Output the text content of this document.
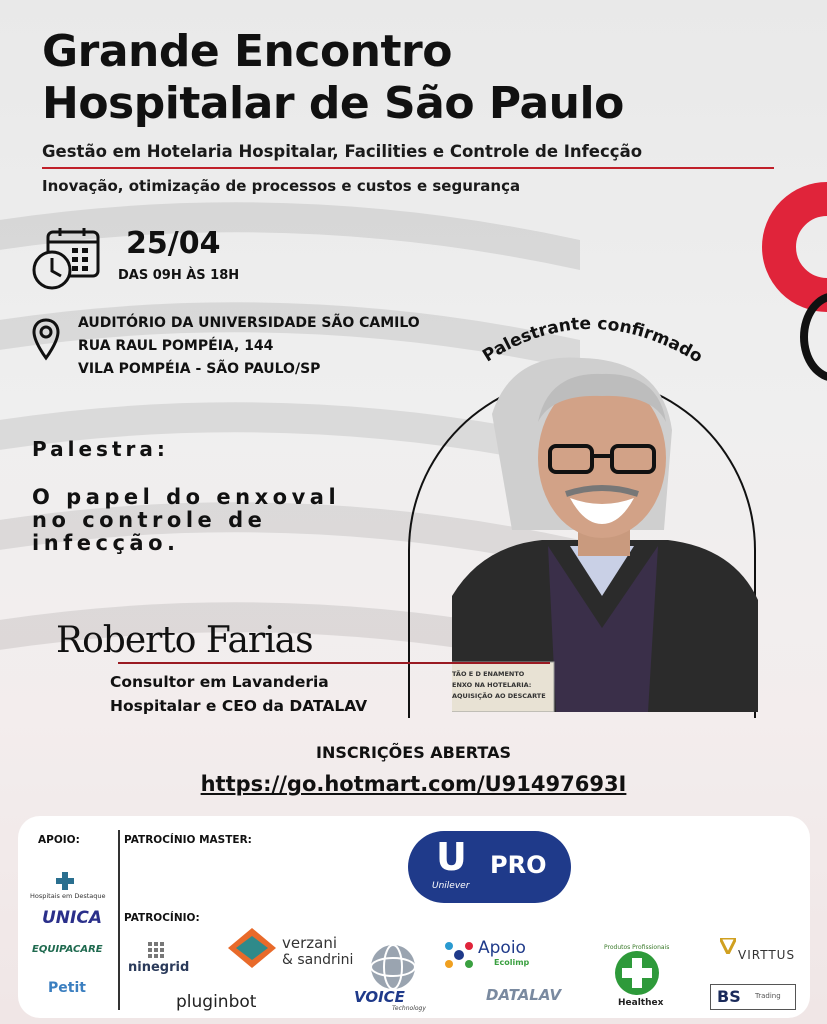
Grande Encontro
Hospitalar de São Paulo
Gestão em Hotelaria Hospitalar, Facilities e Controle de Infecção
Inovação, otimização de processos e custos e segurança
25/04
DAS 09H ÀS 18H
AUDITÓRIO DA UNIVERSIDADE SÃO CAMILO
RUA RAUL POMPÉIA, 144
VILA POMPÉIA - SÃO PAULO/SP
Palestra:
O papel do enxoval
no controle de
infecção.
Palestrante confirmado
TÃO E D ENAMENTO
ENXO NA HOTELARIA:
AQUISIÇÃO AO DESCARTE
Roberto Farias
Consultor em Lavanderia
Hospitalar e CEO da DATALAV
INSCRIÇÕES ABERTAS
https://go.hotmart.com/U91497693I
APOIO:	PATROCÍNIO MASTER:
PATROCÍNIO:
Hospitais em Destaque
UNICA
EQUIPACARE
Petit
U
Unilever
PRO
ninegrid
pluginbot
verzani
& sandrini
VOICE
Technology
Apoio
Ecolimp
DATALAV
Produtos Profissionais
Healthex
VIRTTUS
BS Trading
